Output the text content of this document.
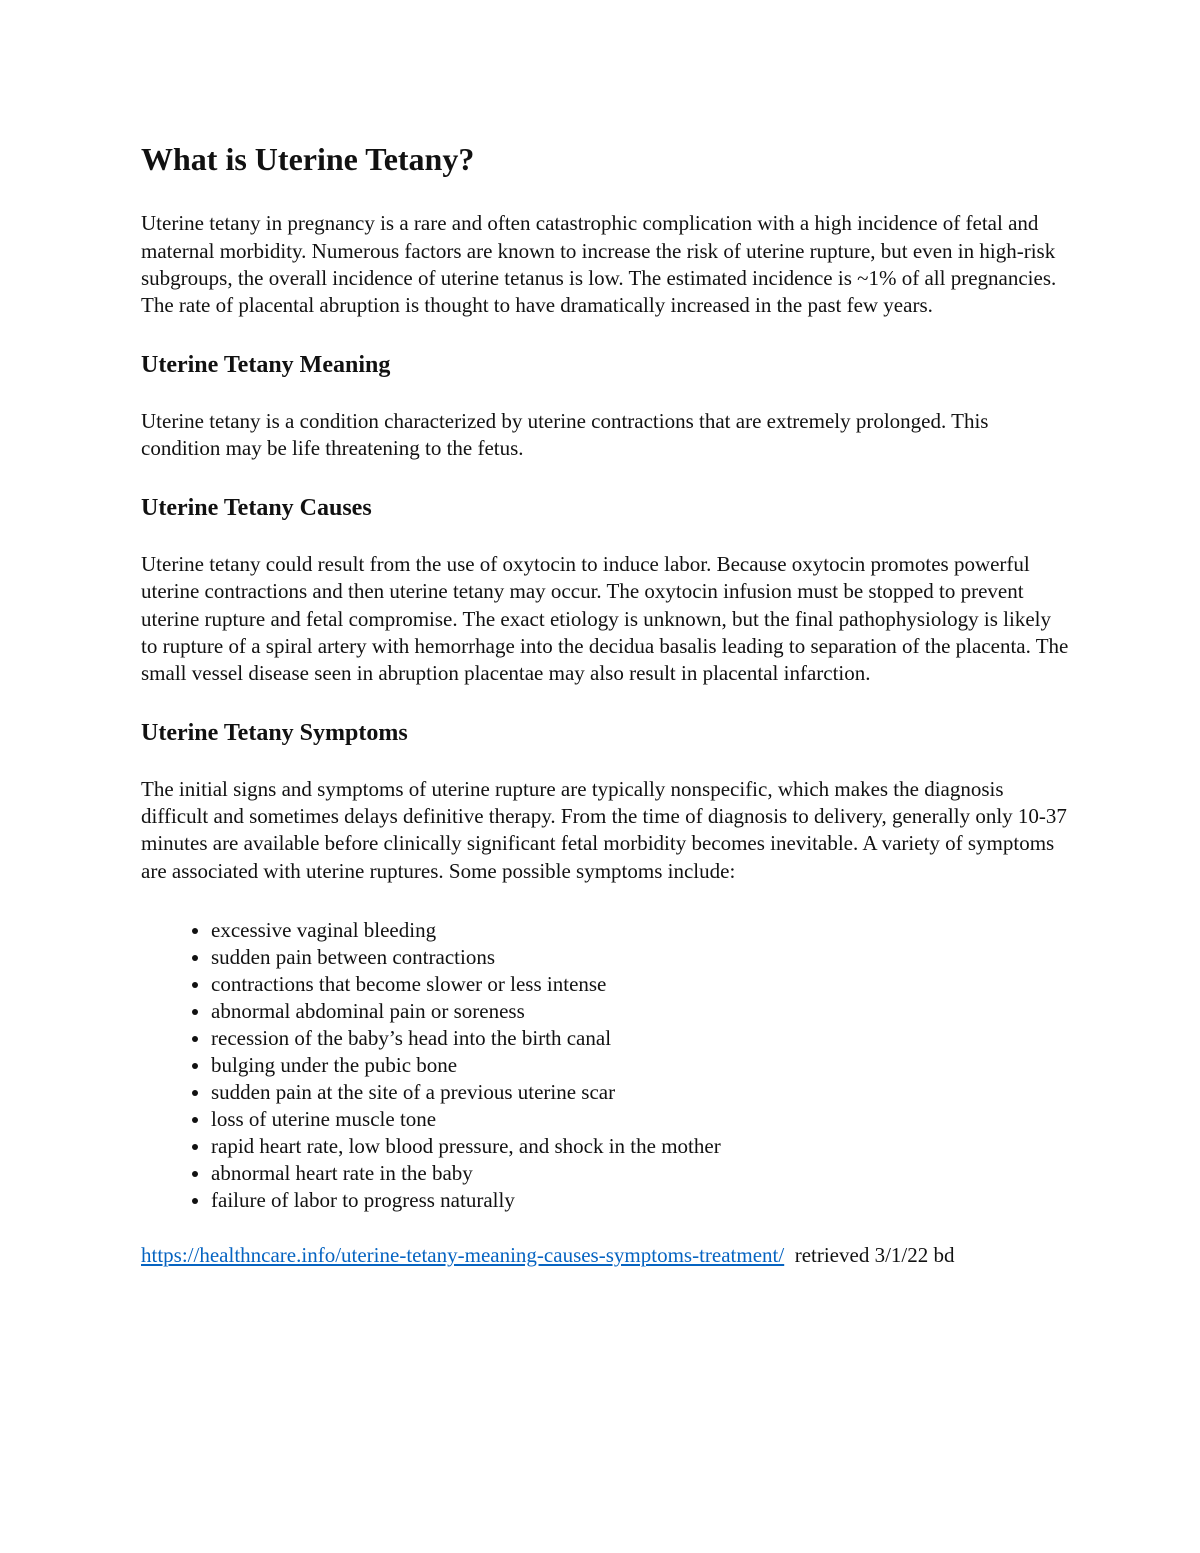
What is Uterine Tetany?

Uterine tetany in pregnancy is a rare and often catastrophic complication with a high incidence of fetal and maternal morbidity. Numerous factors are known to increase the risk of uterine rupture, but even in high-risk subgroups, the overall incidence of uterine tetanus is low. The estimated incidence is ~1% of all pregnancies. The rate of placental abruption is thought to have dramatically increased in the past few years.

Uterine Tetany Meaning

Uterine tetany is a condition characterized by uterine contractions that are extremely prolonged. This condition may be life threatening to the fetus.

Uterine Tetany Causes

Uterine tetany could result from the use of oxytocin to induce labor. Because oxytocin promotes powerful uterine contractions and then uterine tetany may occur. The oxytocin infusion must be stopped to prevent uterine rupture and fetal compromise. The exact etiology is unknown, but the final pathophysiology is likely to rupture of a spiral artery with hemorrhage into the decidua basalis leading to separation of the placenta. The small vessel disease seen in abruption placentae may also result in placental infarction.

Uterine Tetany Symptoms

The initial signs and symptoms of uterine rupture are typically nonspecific, which makes the diagnosis difficult and sometimes delays definitive therapy. From the time of diagnosis to delivery, generally only 10-37 minutes are available before clinically significant fetal morbidity becomes inevitable. A variety of symptoms are associated with uterine ruptures. Some possible symptoms include:

• excessive vaginal bleeding
• sudden pain between contractions
• contractions that become slower or less intense
• abnormal abdominal pain or soreness
• recession of the baby’s head into the birth canal
• bulging under the pubic bone
• sudden pain at the site of a previous uterine scar
• loss of uterine muscle tone
• rapid heart rate, low blood pressure, and shock in the mother
• abnormal heart rate in the baby
• failure of labor to progress naturally
https://healthncare.info/uterine-tetany-meaning-causes-symptoms-treatment/ retrieved 3/1/22 bd
